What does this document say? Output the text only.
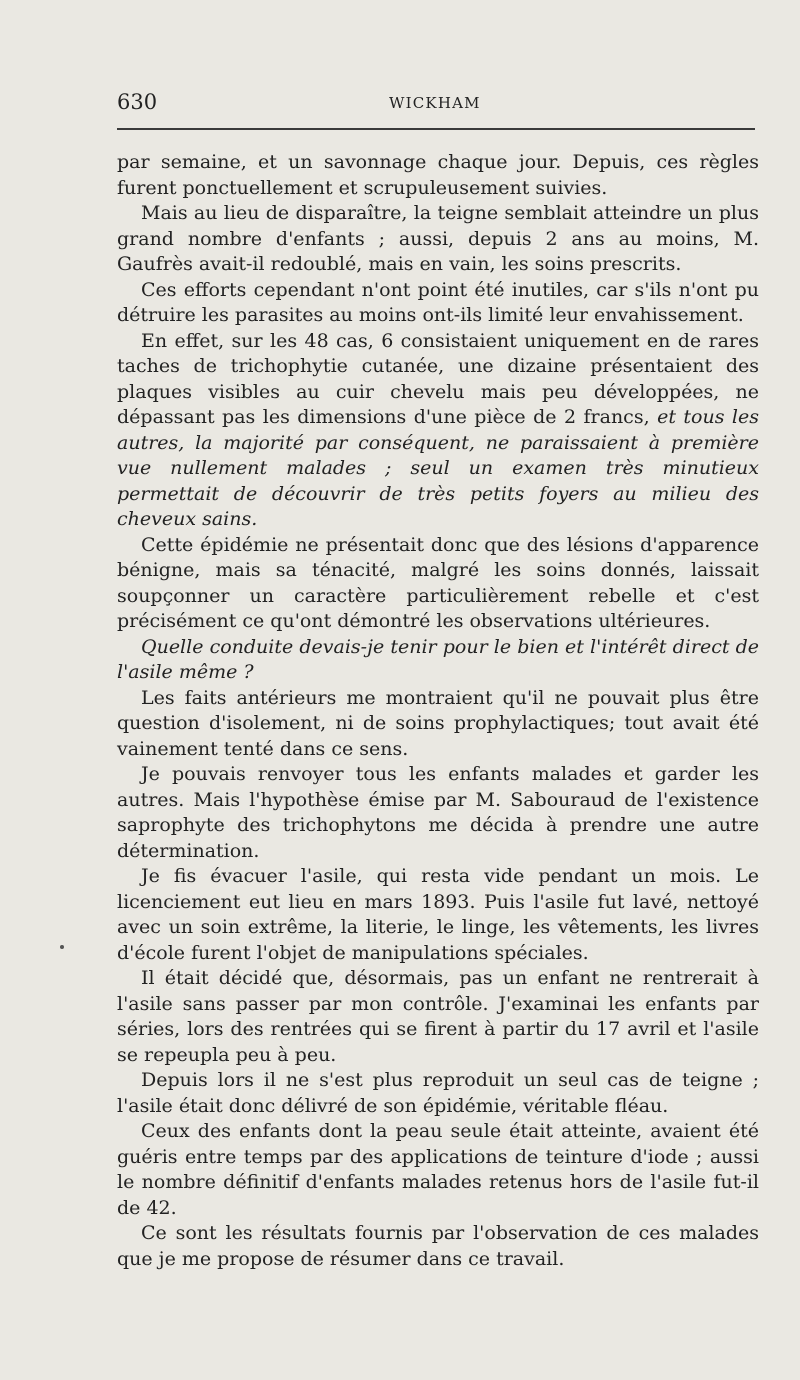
630	WICKHAM

par semaine, et un savonnage chaque jour. Depuis, ces règles furent ponctuellement et scrupuleusement suivies.

Mais au lieu de disparaître, la teigne semblait atteindre un plus grand nombre d'enfants ; aussi, depuis 2 ans au moins, M. Gaufrès avait-il redoublé, mais en vain, les soins prescrits.

Ces efforts cependant n'ont point été inutiles, car s'ils n'ont pu détruire les parasites au moins ont-ils limité leur envahissement.

En effet, sur les 48 cas, 6 consistaient uniquement en de rares taches de trichophytie cutanée, une dizaine présentaient des plaques visibles au cuir chevelu mais peu développées, ne dépassant pas les dimensions d'une pièce de 2 francs, et tous les autres, la majorité par conséquent, ne paraissaient à première vue nullement malades ; seul un examen très minutieux permettait de découvrir de très petits foyers au milieu des cheveux sains.

Cette épidémie ne présentait donc que des lésions d'apparence bénigne, mais sa ténacité, malgré les soins donnés, laissait soupçonner un caractère particulièrement rebelle et c'est précisément ce qu'ont démontré les observations ultérieures.

Quelle conduite devais-je tenir pour le bien et l'intérêt direct de l'asile même ?

Les faits antérieurs me montraient qu'il ne pouvait plus être question d'isolement, ni de soins prophylactiques; tout avait été vainement tenté dans ce sens.

Je pouvais renvoyer tous les enfants malades et garder les autres. Mais l'hypothèse émise par M. Sabouraud de l'existence saprophyte des trichophytons me décida à prendre une autre détermination.

Je fis évacuer l'asile, qui resta vide pendant un mois. Le licenciement eut lieu en mars 1893. Puis l'asile fut lavé, nettoyé avec un soin extrême, la literie, le linge, les vêtements, les livres d'école furent l'objet de manipulations spéciales.

Il était décidé que, désormais, pas un enfant ne rentrerait à l'asile sans passer par mon contrôle. J'examinai les enfants par séries, lors des rentrées qui se firent à partir du 17 avril et l'asile se repeupla peu à peu.

Depuis lors il ne s'est plus reproduit un seul cas de teigne ; l'asile était donc délivré de son épidémie, véritable fléau.

Ceux des enfants dont la peau seule était atteinte, avaient été guéris entre temps par des applications de teinture d'iode ; aussi le nombre définitif d'enfants malades retenus hors de l'asile fut-il de 42.

Ce sont les résultats fournis par l'observation de ces malades que je me propose de résumer dans ce travail.
